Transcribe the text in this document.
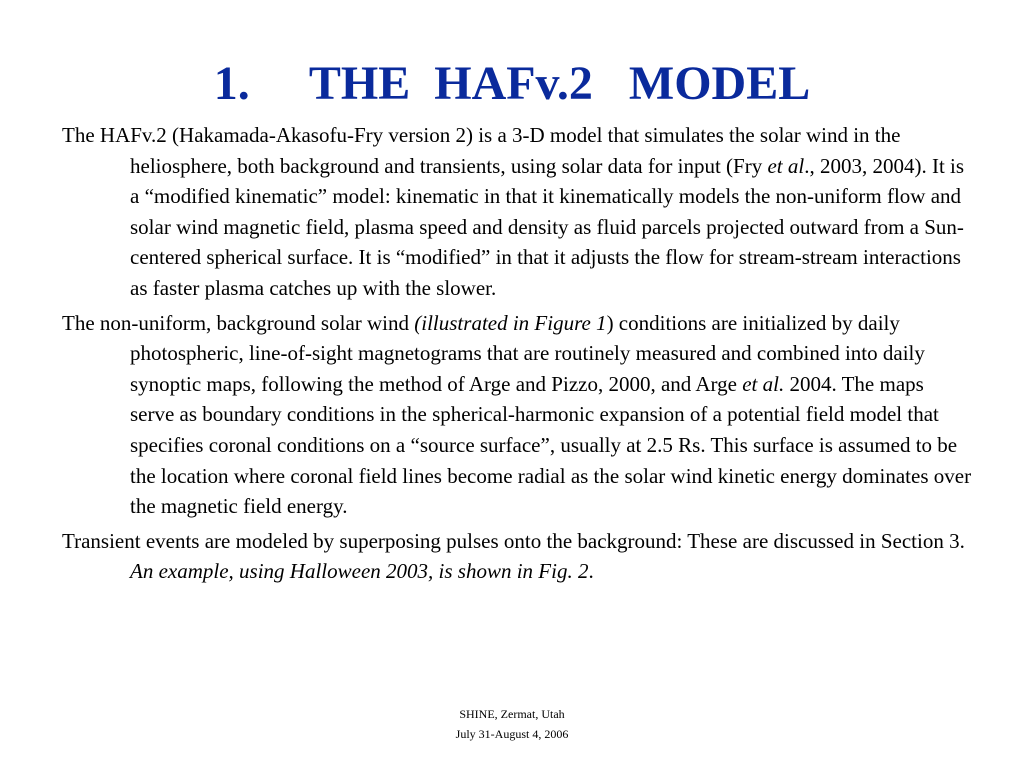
1.     THE  HAFv.2   MODEL

The HAFv.2 (Hakamada-Akasofu-Fry version 2) is a 3-D model that simulates the solar wind in the heliosphere, both background and transients, using solar data for input (Fry et al., 2003, 2004). It is a “modified kinematic” model: kinematic in that it kinematically models the non-uniform flow and solar wind magnetic field, plasma speed and density as fluid parcels projected outward from a Sun-centered spherical surface. It is “modified” in that it adjusts the flow for stream-stream interactions as faster plasma catches up with the slower.

The non-uniform, background solar wind (illustrated in Figure 1) conditions are initialized by daily photospheric, line-of-sight magnetograms that are routinely measured and combined into daily synoptic maps, following the method of Arge and Pizzo, 2000, and Arge et al. 2004. The maps serve as boundary conditions in the spherical-harmonic expansion of a potential field model that specifies coronal conditions on a “source surface”, usually at 2.5 Rs. This surface is assumed to be the location where coronal field lines become radial as the solar wind kinetic energy dominates over the magnetic field energy.

Transient events are modeled by superposing pulses onto the background: These are discussed in Section 3. An example, using Halloween 2003, is shown in Fig. 2.

SHINE, Zermat, Utah
July 31-August 4, 2006
